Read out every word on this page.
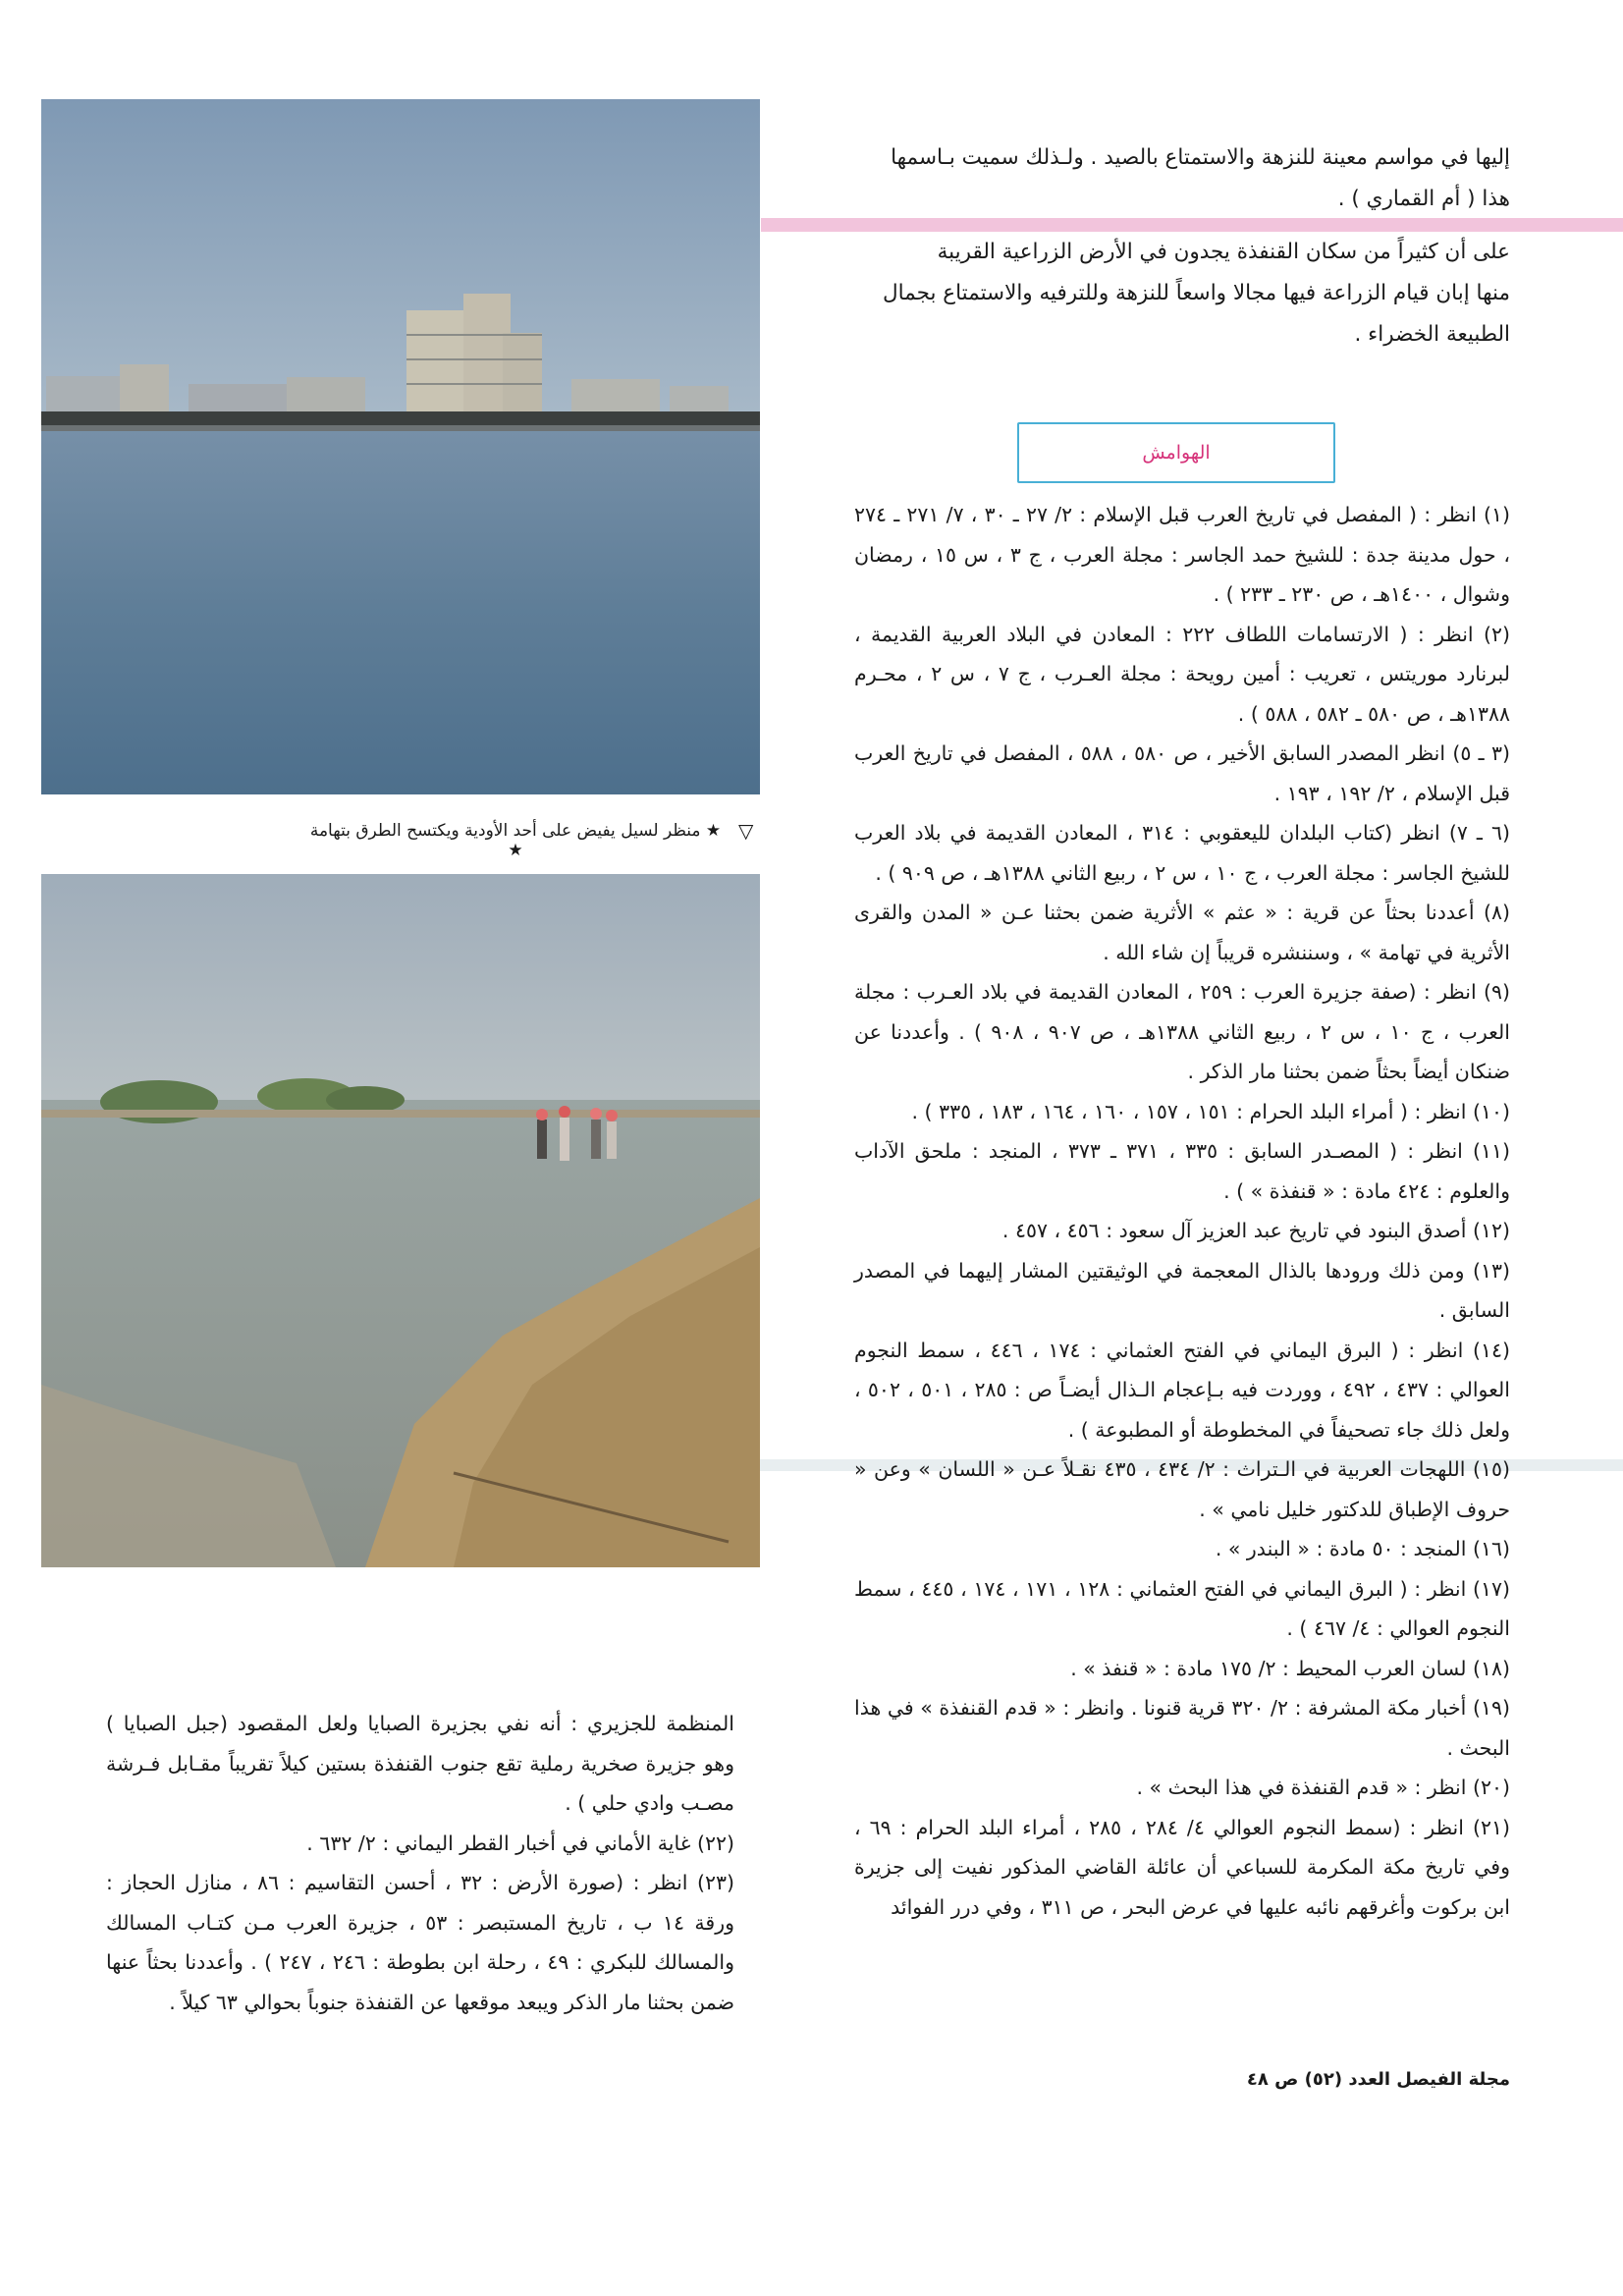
★ منظر لسيل يفيض على أحد الأودية ويكتسح الطرق بتهامة ★
▽

إليها في مواسم معينة للنزهة والاستمتاع بالصيد . ولـذلك سميت بـاسمها

هذا ( أم القماري ) .

على أن كثيراً من سكان القنفذة يجدون في الأرض الزراعية القريبة

منها إبان قيام الزراعة فيها مجالا واسعاً للنزهة وللترفيه والاستمتاع بجمال

الطبيعة الخضراء .

الهوامش

(١) انظر : ( المفصل في تاريخ العرب قبل الإسلام : ٢/ ٢٧ ـ ٣٠ ، ٧/ ٢٧١ ـ ٢٧٤ ، حول مدينة جدة : للشيخ حمد الجاسر : مجلة العرب ، ج ٣ ، س ١٥ ، رمضان وشوال ، ١٤٠٠هـ ، ص ٢٣٠ ـ ٢٣٣ ) .

(٢) انظر : ( الارتسامات اللطاف ٢٢٢ : المعادن في البلاد العربية القديمة ، لبرنارد موريتس ، تعريب : أمين رويحة : مجلة العـرب ، ج ٧ ، س ٢ ، محـرم ١٣٨٨هـ ، ص ٥٨٠ ـ ٥٨٢ ، ٥٨٨ ) .

(٣ ـ ٥) انظر المصدر السابق الأخير ، ص ٥٨٠ ، ٥٨٨ ، المفصل في تاريخ العرب قبل الإسلام ، ٢/ ١٩٢ ، ١٩٣ .

(٦ ـ ٧) انظر (كتاب البلدان لليعقوبي : ٣١٤ ، المعادن القديمة في بلاد العرب للشيخ الجاسر : مجلة العرب ، ج ١٠ ، س ٢ ، ربيع الثاني ١٣٨٨هـ ، ص ٩٠٩ ) .

(٨) أعددنا بحثاً عن قرية : « عثم » الأثرية ضمن بحثنا عـن « المدن والقرى الأثرية في تهامة » ، وسننشره قريباً إن شاء الله .

(٩) انظر : (صفة جزيرة العرب : ٢٥٩ ، المعادن القديمة في بلاد العـرب : مجلة العرب ، ج ١٠ ، س ٢ ، ربيع الثاني ١٣٨٨هـ ، ص ٩٠٧ ، ٩٠٨ ) . وأعددنا عن ضنكان أيضاً بحثاً ضمن بحثنا مار الذكر .

(١٠) انظر : ( أمراء البلد الحرام : ١٥١ ، ١٥٧ ، ١٦٠ ، ١٦٤ ، ١٨٣ ، ٣٣٥ ) .

(١١) انظر : ( المصـدر السابق : ٣٣٥ ، ٣٧١ ـ ٣٧٣ ، المنجد : ملحق الآداب والعلوم : ٤٢٤ مادة : « قنفذة » ) .

(١٢) أصدق البنود في تاريخ عبد العزيز آل سعود : ٤٥٦ ، ٤٥٧ .

(١٣) ومن ذلك ورودها بالذال المعجمة في الوثيقتين المشار إليهما في المصدر السابق .

(١٤) انظر : ( البرق اليماني في الفتح العثماني : ١٧٤ ، ٤٤٦ ، سمط النجوم العوالي : ٤٣٧ ، ٤٩٢ ، ووردت فيه بـإعجام الـذال أيضـاً ص : ٢٨٥ ، ٥٠١ ، ٥٠٢ ، ولعل ذلك جاء تصحيفاً في المخطوطة أو المطبوعة ) .

(١٥) اللهجات العربية في الـتراث : ٢/ ٤٣٤ ، ٤٣٥ نقـلاً عـن « اللسان » وعن « حروف الإطباق للدكتور خليل نامي » .

(١٦) المنجد : ٥٠ مادة : « البندر » .

(١٧) انظر : ( البرق اليماني في الفتح العثماني : ١٢٨ ، ١٧١ ، ١٧٤ ، ٤٤٥ ، سمط النجوم العوالي : ٤/ ٤٦٧ ) .

(١٨) لسان العرب المحيط : ٢/ ١٧٥ مادة : « قنفذ » .

(١٩) أخبار مكة المشرفة : ٢/ ٣٢٠ قرية قنونا . وانظر : « قدم القنفذة » في هذا البحث .

(٢٠) انظر : « قدم القنفذة في هذا البحث » .

(٢١) انظر : (سمط النجوم العوالي ٤/ ٢٨٤ ، ٢٨٥ ، أمراء البلد الحرام : ٦٩ ، وفي تاريخ مكة المكرمة للسباعي أن عائلة القاضي المذكور نفيت إلى جزيرة ابن بركوت وأغرقهم نائبه عليها في عرض البحر ، ص ٣١١ ، وفي درر الفوائد

المنظمة للجزيري : أنه نفي بجزيرة الصبايا ولعل المقصود (جبل الصبايا ) وهو جزيرة صخرية رملية تقع جنوب القنفذة بستين كيلاً تقريباً مقـابل فـرشة مصـب وادي حلي ) .

(٢٢) غاية الأماني في أخبار القطر اليماني : ٢/ ٦٣٢ .

(٢٣) انظر : (صورة الأرض : ٣٢ ، أحسن التقاسيم : ٨٦ ، منازل الحجاز : ورقة ١٤ ب ، تاريخ المستبصر : ٥٣ ، جزيرة العرب مـن كتـاب المسالك والمسالك للبكري : ٤٩ ، رحلة ابن بطوطة : ٢٤٦ ، ٢٤٧ ) . وأعددنا بحثاً عنها ضمن بحثنا مار الذكر ويبعد موقعها عن القنفذة جنوباً بحوالي ٦٣ كيلاً .

مجلة الفيصل العدد (٥٢) ص ٤٨
